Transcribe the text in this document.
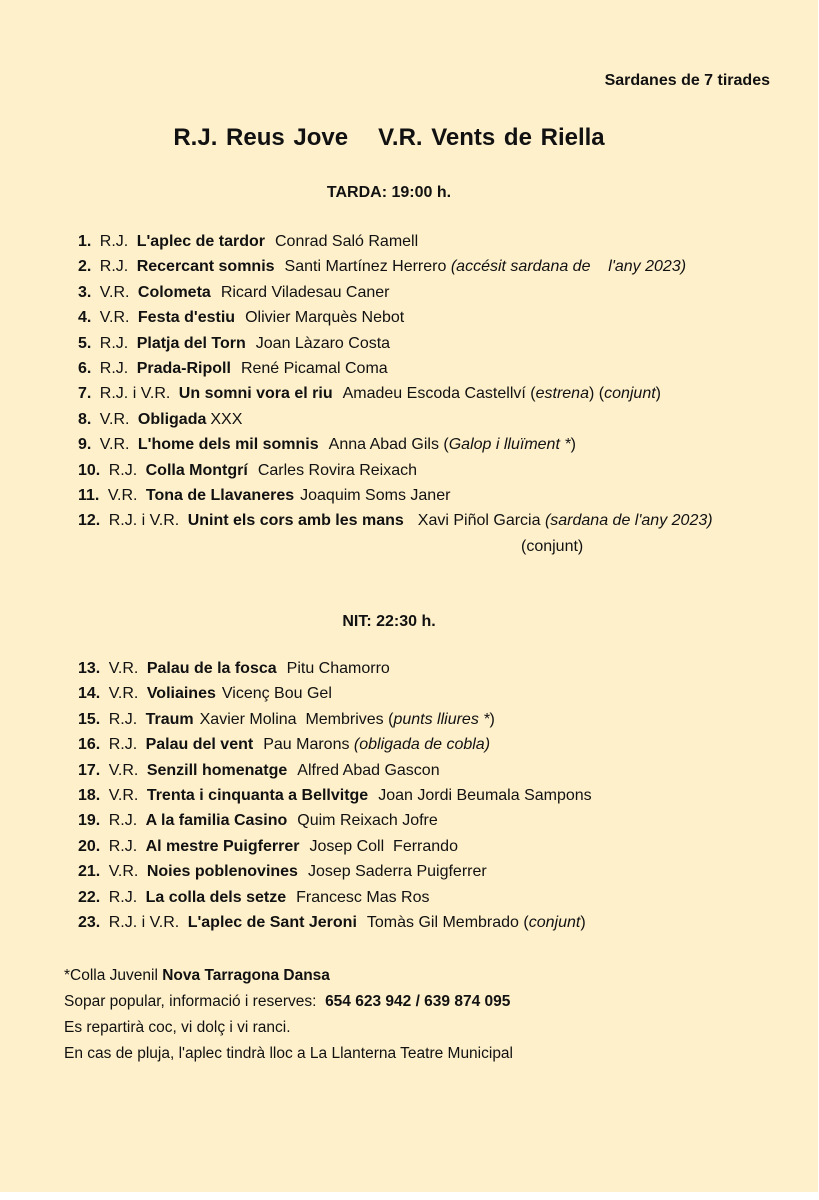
Sardanes de 7 tirades
R.J. Reus Jove V.R. Vents de Riella
TARDA: 19:00 h.
1. R.J. L'aplec de tardor Conrad Saló Ramell
2. R.J. Recercant somnis Santi Martínez Herrero (accésit sardana de    l'any 2023)
3. V.R. Colometa Ricard Viladesau Caner
4. V.R. Festa d'estiu Olivier Marquès Nebot
5. R.J. Platja del Torn Joan Làzaro Costa
6. R.J. Prada-Ripoll René Picamal Coma
7. R.J. i V.R. Un somni vora el riu Amadeu Escoda Castellví (estrena) (conjunt)
8. V.R. Obligada XXX
9. V.R. L'home dels mil somnis Anna Abad Gils (Galop i lluïment *)
10. R.J. Colla Montgrí Carles Rovira Reixach
11. V.R. Tona de Llavaneres Joaquim Soms Janer
12. R.J. i V.R. Unint els cors amb les mans Xavi Piñol Garcia (sardana de l'any 2023) (conjunt)
NIT: 22:30 h.
13. V.R. Palau de la fosca Pitu Chamorro
14. V.R. Voliaines Vicenç Bou Gel
15. R.J. Traum Xavier Molina  Membrives (punts lliures *)
16. R.J. Palau del vent Pau Marons (obligada de cobla)
17. V.R. Senzill homenatge Alfred Abad Gascon
18. V.R. Trenta i cinquanta a Bellvitge Joan Jordi Beumala Sampons
19. R.J. A la familia Casino Quim Reixach Jofre
20. R.J. Al mestre Puigferrer Josep Coll  Ferrando
21. V.R. Noies poblenovines Josep Saderra Puigferrer
22. R.J. La colla dels setze Francesc Mas Ros
23. R.J. i V.R. L'aplec de Sant Jeroni Tomàs Gil Membrado (conjunt)
*Colla Juvenil Nova Tarragona Dansa
Sopar popular, informació i reserves: 654 623 942 / 639 874 095
Es repartirà coc, vi dolç i vi ranci.
En cas de pluja, l'aplec tindrà lloc a La Llanterna Teatre Municipal
